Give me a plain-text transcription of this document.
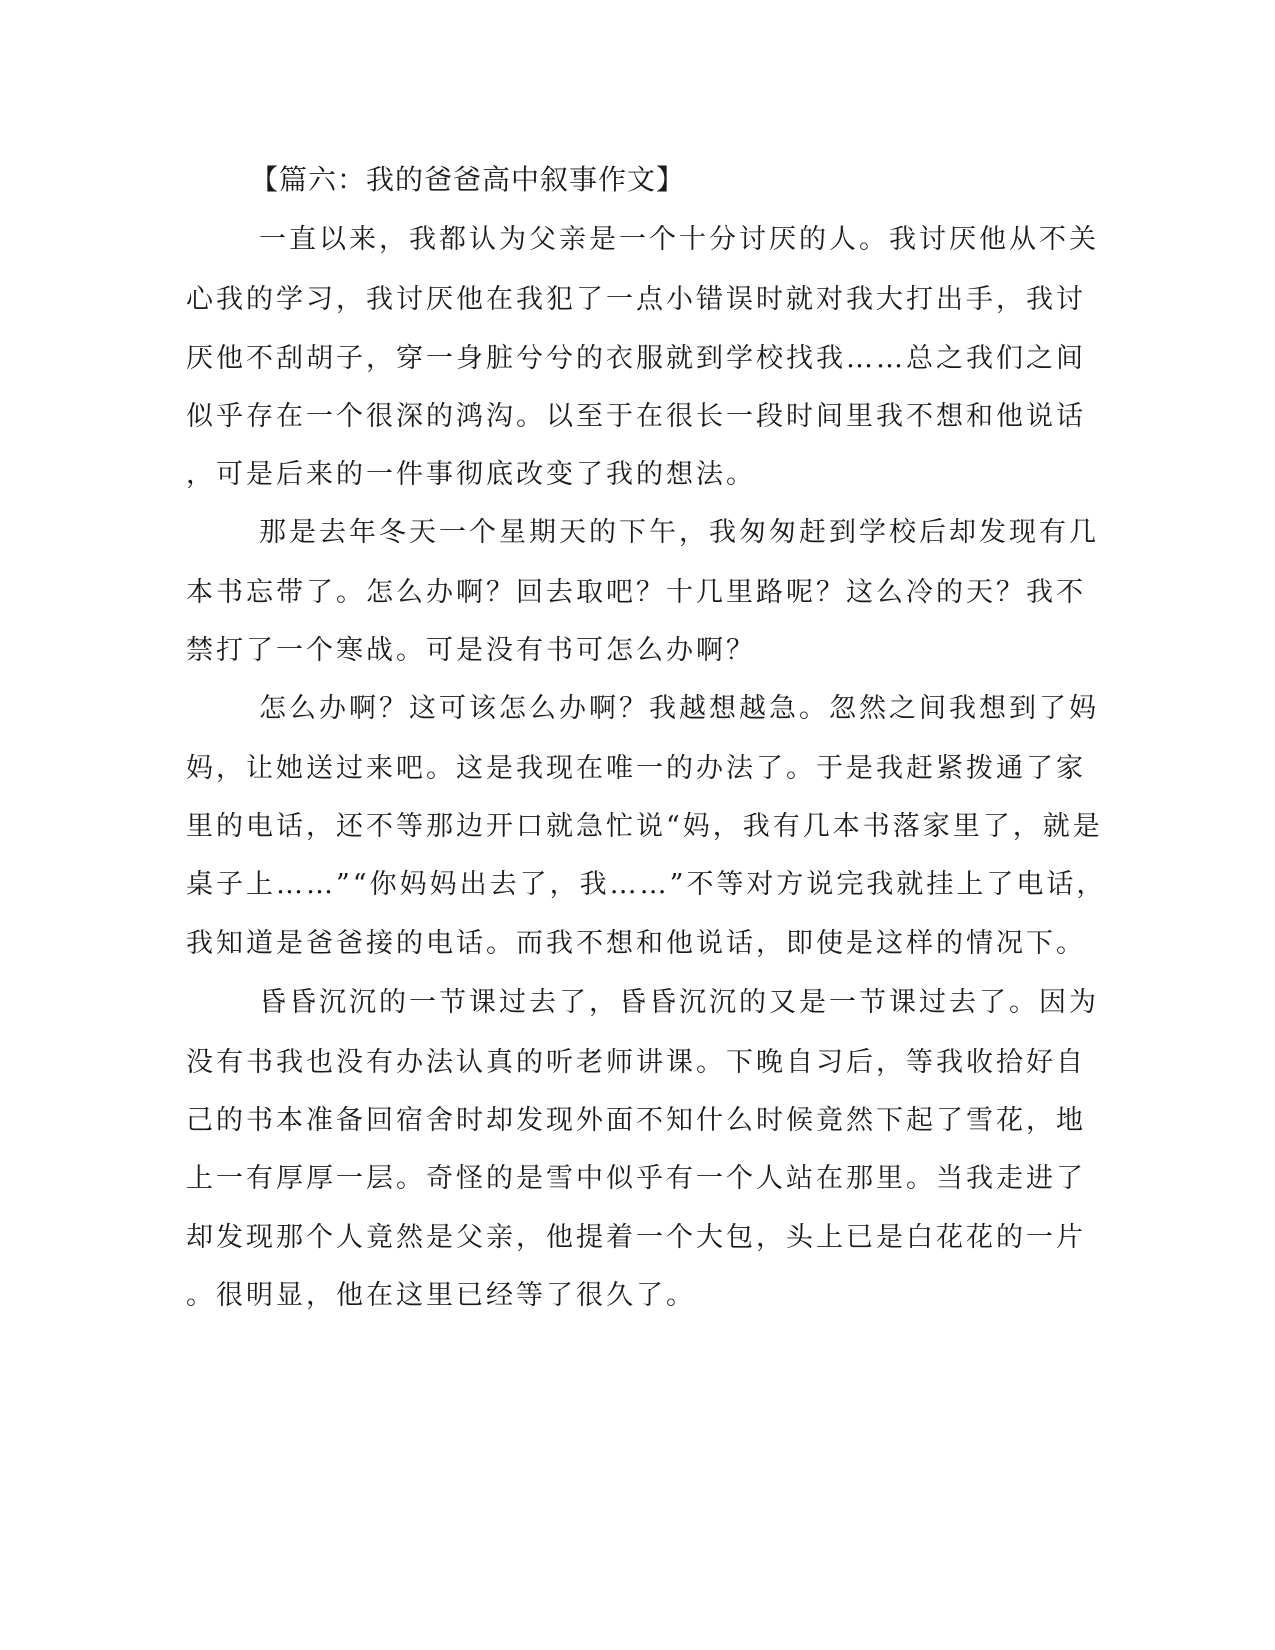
【篇六：我的爸爸高中叙事作文】
一直以来，我都认为父亲是一个十分讨厌的人。我讨厌他从不关
心我的学习，我讨厌他在我犯了一点小错误时就对我大打出手，我讨
厌他不刮胡子，穿一身脏兮兮的衣服就到学校找我……总之我们之间
似乎存在一个很深的鸿沟。以至于在很长一段时间里我不想和他说话
，可是后来的一件事彻底改变了我的想法。
那是去年冬天一个星期天的下午，我匆匆赶到学校后却发现有几
本书忘带了。怎么办啊？回去取吧？十几里路呢？这么冷的天？我不
禁打了一个寒战。可是没有书可怎么办啊？
怎么办啊？这可该怎么办啊？我越想越急。忽然之间我想到了妈
妈，让她送过来吧。这是我现在唯一的办法了。于是我赶紧拨通了家
里的电话，还不等那边开口就急忙说“妈，我有几本书落家里了，就是
桌子上……”“你妈妈出去了，我……”不等对方说完我就挂上了电话，
我知道是爸爸接的电话。而我不想和他说话，即使是这样的情况下。
昏昏沉沉的一节课过去了，昏昏沉沉的又是一节课过去了。因为
没有书我也没有办法认真的听老师讲课。下晚自习后，等我收拾好自
己的书本准备回宿舍时却发现外面不知什么时候竟然下起了雪花，地
上一有厚厚一层。奇怪的是雪中似乎有一个人站在那里。当我走进了
却发现那个人竟然是父亲，他提着一个大包，头上已是白花花的一片
。很明显，他在这里已经等了很久了。
